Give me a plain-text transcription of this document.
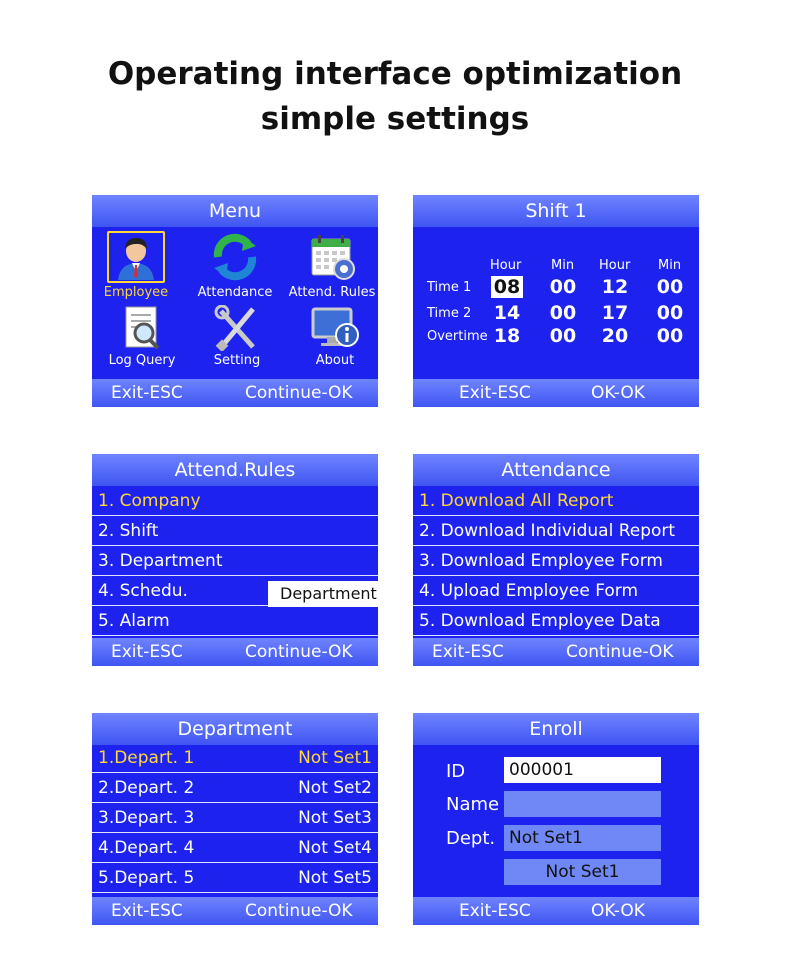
Operating interface optimization
simple settings
Menu
Employee	Attendance	Attend. Rules
Log Query	Setting	About
Exit-ESC	Continue-OK
Shift 1
Hour Min Hour Min
Time 1 08 00 12 00
Time 2 14 00 17 00
Overtime 18 00 20 00
Exit-ESC	OK-OK
Attend.Rules
1. Company
2. Shift
3. Department
4. Schedu.
5. Alarm
Department
Exit-ESC	Continue-OK
Attendance
1. Download All Report
2. Download Individual Report
3. Download Employee Form
4. Upload Employee Form
5. Download Employee Data
Exit-ESC	Continue-OK
Department
1.Depart. 1	Not Set1
2.Depart. 2	Not Set2
3.Depart. 3	Not Set3
4.Depart. 4	Not Set4
5.Depart. 5	Not Set5
Exit-ESC	Continue-OK
Enroll
ID	000001
Name
Dept. Not Set1
Not Set1
Exit-ESC	OK-OK
